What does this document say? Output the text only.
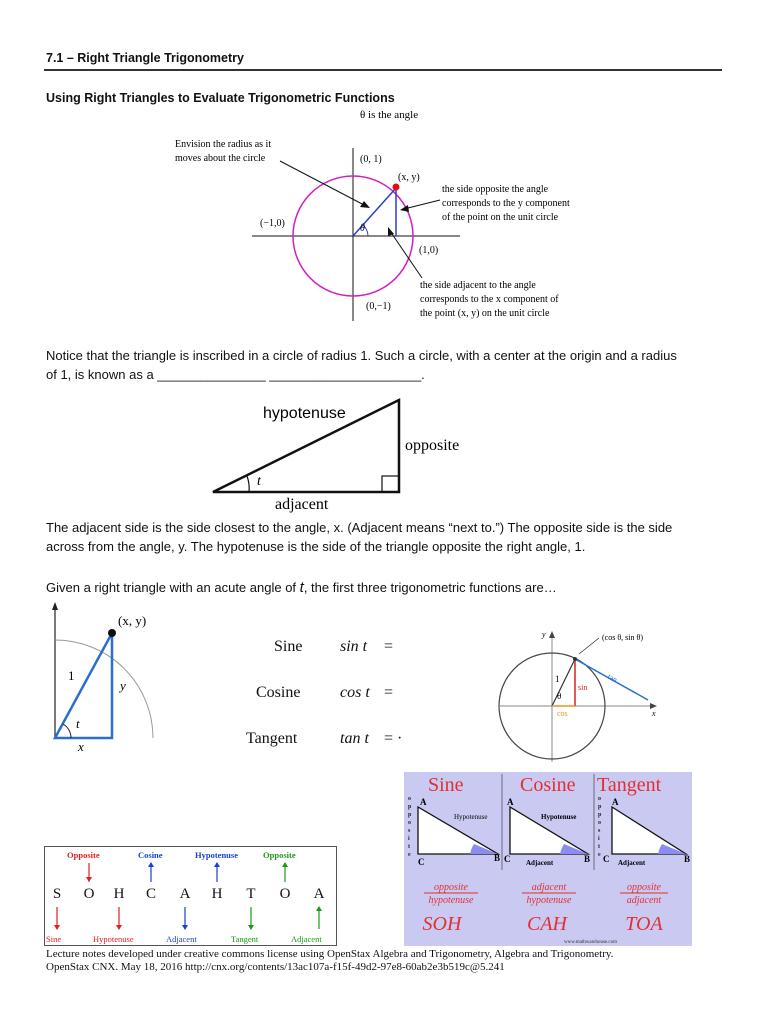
7.1 – Right Triangle Trigonometry
Using Right Triangles to Evaluate Trigonometric Functions
θ is the angle
Envision the radius as it
moves about the circle
θ
(0, 1)
(x, y)
(−1,0)
(1,0)
(0,−1)
the side opposite the angle
corresponds to the y component
of the point on the unit circle
the side adjacent to the angle
corresponds to the x component of
the point (x, y) on the unit circle
Notice that the triangle is inscribed in a circle of radius 1. Such a circle, with a center at the origin and a radius
of 1, is known as a _______________ _____________________.
hypotenuse
opposite
adjacent
t
The adjacent side is the side closest to the angle, x. (Adjacent means “next to.”) The opposite side is the side
across from the angle, y. The hypotenuse is the side of the triangle opposite the right angle, 1.
Given a right triangle with an acute angle of t, the first three trigonometric functions are…
(x, y)
1
y
x
t
Sine sin t =
Cosine cos t =
Tangent	tan t = ·
y
x
(cos θ, sin θ)
1
θ
sin
cos
tan
Opposite	Cosine	Hypotenuse	Opposite
S O H C A H T O A
Sine	Hypotenuse	Adjacent	Tangent	Adjacent
Sine	Cosine Tangent
Hypotenuse
A
C	B
Hypotenuse
Adjacent
A
C	B
A
C	B
Adjacent
o
p
p
o
s
i
t
e
o
p
p
o
s
i
t
e
opposite
hypotenuse
adjacent
hypotenuse
opposite
adjacent
SOH	CAH	TOA
www.mathwarehouse.com
Lecture notes developed under creative commons license using OpenStax Algebra and Trigonometry, Algebra and Trigonometry.
OpenStax CNX. May 18, 2016 http://cnx.org/contents/13ac107a-f15f-49d2-97e8-60ab2e3b519c@5.241
